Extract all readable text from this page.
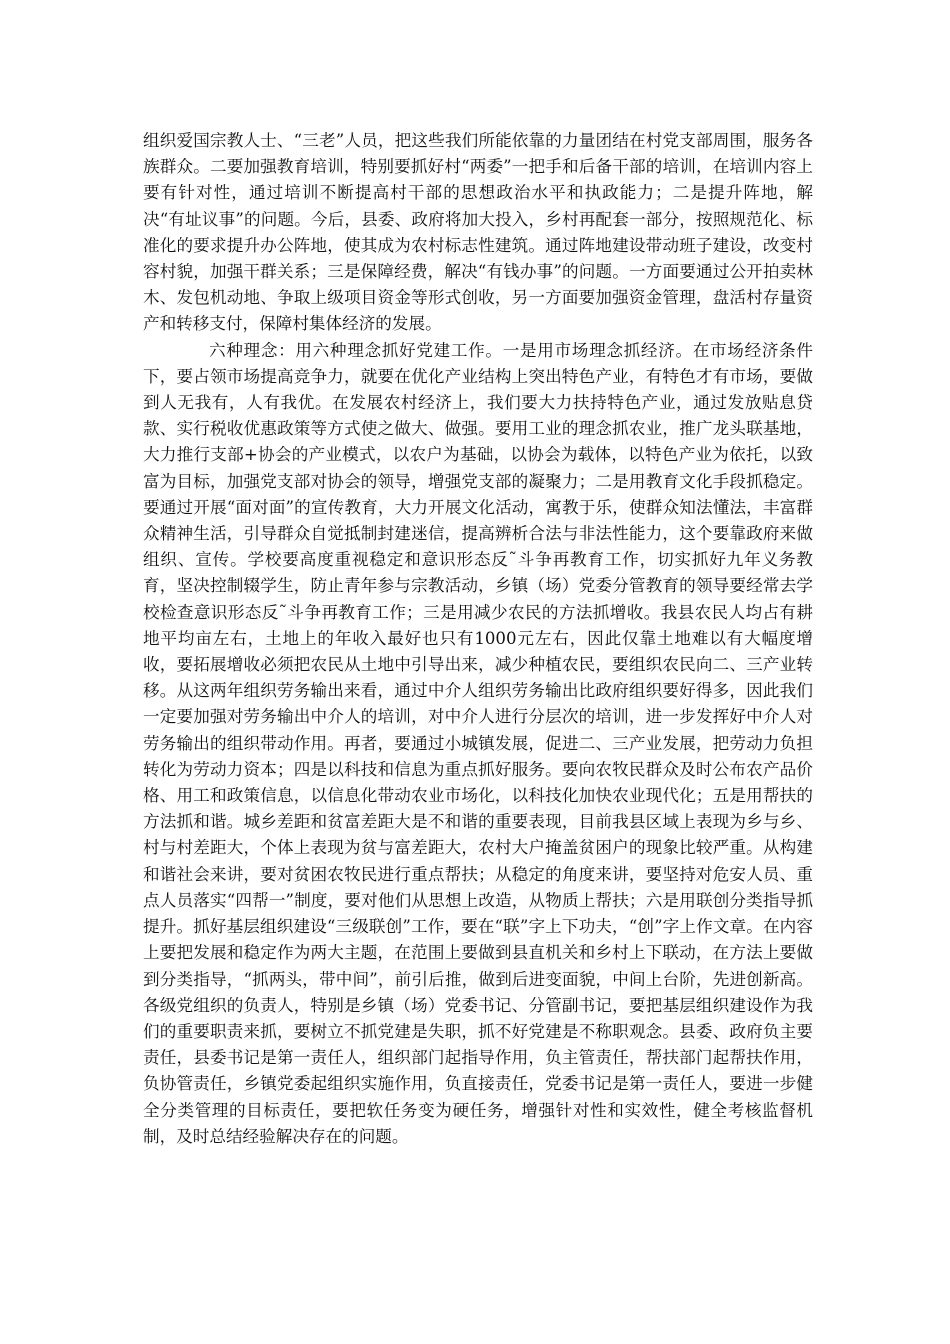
组织爱国宗教人士、“三老”人员，把这些我们所能依靠的力量团结在村党支部周围，服务各族群众。二要加强教育培训，特别要抓好村“两委”一把手和后备干部的培训，在培训内容上要有针对性，通过培训不断提高村干部的思想政治水平和执政能力；二是提升阵地，解决“有址议事”的问题。今后，县委、政府将加大投入，乡村再配套一部分，按照规范化、标准化的要求提升办公阵地，使其成为农村标志性建筑。通过阵地建设带动班子建设，改变村容村貌，加强干群关系；三是保障经费，解决“有钱办事”的问题。一方面要通过公开拍卖林木、发包机动地、争取上级项目资金等形式创收，另一方面要加强资金管理，盘活村存量资产和转移支付，保障村集体经济的发展。

六种理念：用六种理念抓好党建工作。一是用市场理念抓经济。在市场经济条件下，要占领市场提高竞争力，就要在优化产业结构上突出特色产业，有特色才有市场，要做到人无我有，人有我优。在发展农村经济上，我们要大力扶持特色产业，通过发放贴息贷款、实行税收优惠政策等方式使之做大、做强。要用工业的理念抓农业，推广龙头联基地，大力推行支部+协会的产业模式，以农户为基础，以协会为载体，以特色产业为依托，以致富为目标，加强党支部对协会的领导，增强党支部的凝聚力；二是用教育文化手段抓稳定。要通过开展“面对面”的宣传教育，大力开展文化活动，寓教于乐，使群众知法懂法，丰富群众精神生活，引导群众自觉抵制封建迷信，提高辨析合法与非法性能力，这个要靠政府来做组织、宣传。学校要高度重视稳定和意识形态反˜斗争再教育工作，切实抓好九年义务教育，坚决控制辍学生，防止青年参与宗教活动，乡镇（场）党委分管教育的领导要经常去学校检查意识形态反˜斗争再教育工作；三是用减少农民的方法抓增收。我县农民人均占有耕地平均亩左右，土地上的年收入最好也只有1000元左右，因此仅靠土地难以有大幅度增收，要拓展增收必须把农民从土地中引导出来，减少种植农民，要组织农民向二、三产业转移。从这两年组织劳务输出来看，通过中介人组织劳务输出比政府组织要好得多，因此我们一定要加强对劳务输出中介人的培训，对中介人进行分层次的培训，进一步发挥好中介人对劳务输出的组织带动作用。再者，要通过小城镇发展，促进二、三产业发展，把劳动力负担转化为劳动力资本；四是以科技和信息为重点抓好服务。要向农牧民群众及时公布农产品价格、用工和政策信息，以信息化带动农业市场化，以科技化加快农业现代化；五是用帮扶的方法抓和谐。城乡差距和贫富差距大是不和谐的重要表现，目前我县区域上表现为乡与乡、村与村差距大，个体上表现为贫与富差距大，农村大户掩盖贫困户的现象比较严重。从构建和谐社会来讲，要对贫困农牧民进行重点帮扶；从稳定的角度来讲，要坚持对危安人员、重点人员落实“四帮一”制度，要对他们从思想上改造，从物质上帮扶；六是用联创分类指导抓提升。抓好基层组织建设“三级联创”工作，要在“联”字上下功夫，“创”字上作文章。在内容上要把发展和稳定作为两大主题，在范围上要做到县直机关和乡村上下联动，在方法上要做到分类指导，“抓两头，带中间”，前引后推，做到后进变面貌，中间上台阶，先进创新高。各级党组织的负责人，特别是乡镇（场）党委书记、分管副书记，要把基层组织建设作为我们的重要职责来抓，要树立不抓党建是失职，抓不好党建是不称职观念。县委、政府负主要责任，县委书记是第一责任人，组织部门起指导作用，负主管责任，帮扶部门起帮扶作用，负协管责任，乡镇党委起组织实施作用，负直接责任，党委书记是第一责任人，要进一步健全分类管理的目标责任，要把软任务变为硬任务，增强针对性和实效性，健全考核监督机制，及时总结经验解决存在的问题。
